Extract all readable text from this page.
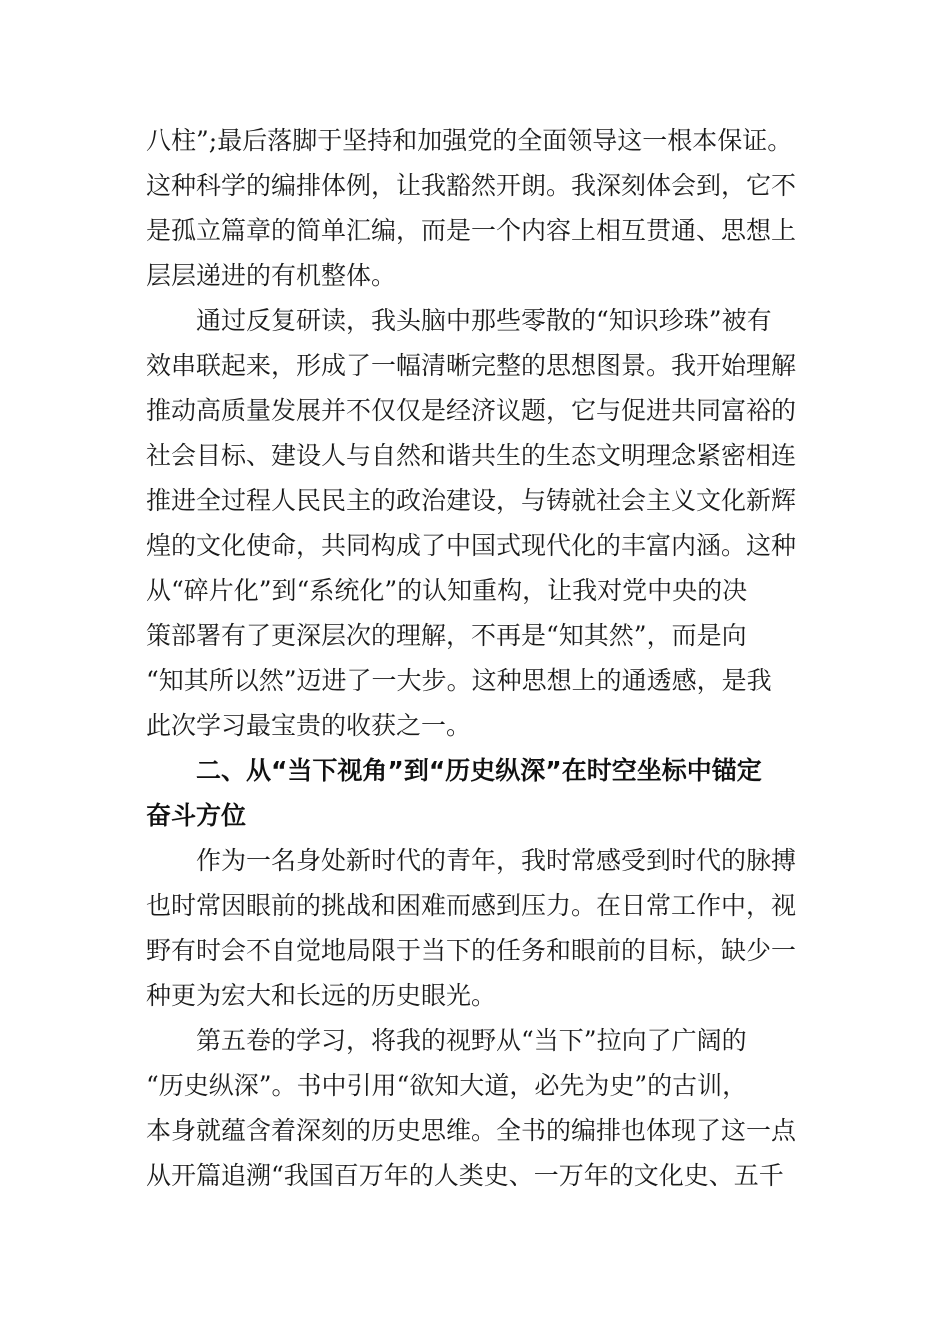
八柱”;最后落脚于坚持和加强党的全面领导这一根本保证。
这种科学的编排体例，让我豁然开朗。我深刻体会到，它不
是孤立篇章的简单汇编，而是一个内容上相互贯通、思想上
层层递进的有机整体。
通过反复研读，我头脑中那些零散的“知识珍珠”被有
效串联起来，形成了一幅清晰完整的思想图景。我开始理解
推动高质量发展并不仅仅是经济议题，它与促进共同富裕的
社会目标、建设人与自然和谐共生的生态文明理念紧密相连
推进全过程人民民主的政治建设，与铸就社会主义文化新辉
煌的文化使命，共同构成了中国式现代化的丰富内涵。这种
从“碎片化”到“系统化”的认知重构，让我对党中央的决
策部署有了更深层次的理解，不再是“知其然”，而是向
“知其所以然”迈进了一大步。这种思想上的通透感，是我
此次学习最宝贵的收获之一。
二、从“当下视角”到“历史纵深”在时空坐标中锚定
奋斗方位
作为一名身处新时代的青年，我时常感受到时代的脉搏
也时常因眼前的挑战和困难而感到压力。在日常工作中，视
野有时会不自觉地局限于当下的任务和眼前的目标，缺少一
种更为宏大和长远的历史眼光。
第五卷的学习，将我的视野从“当下”拉向了广阔的
“历史纵深”。书中引用“欲知大道，必先为史”的古训，
本身就蕴含着深刻的历史思维。全书的编排也体现了这一点
从开篇追溯“我国百万年的人类史、一万年的文化史、五千
